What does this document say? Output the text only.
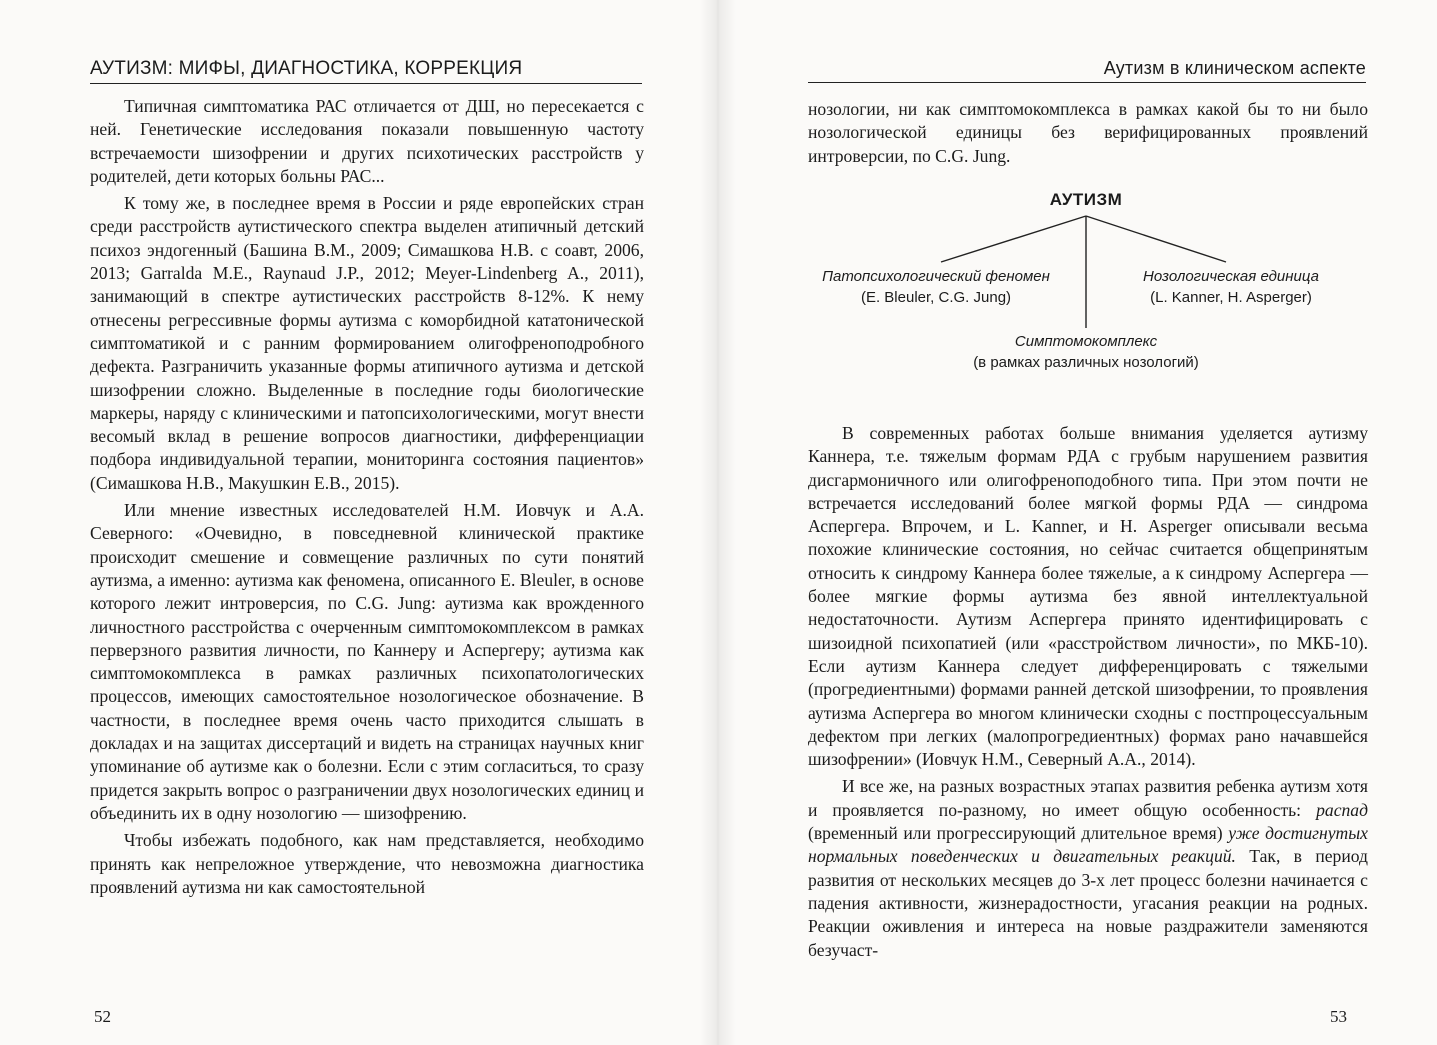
АУТИЗМ: МИФЫ, ДИАГНОСТИКА, КОРРЕКЦИЯ

Типичная симптоматика РАС отличается от ДШ, но пересекается с ней. Генетические исследования показали повышенную частоту встречаемости шизофрении и других психотических расстройств у родителей, дети которых больны РАС...

К тому же, в последнее время в России и ряде европейских стран среди расстройств аутистического спектра выделен атипичный детский психоз эндогенный (Башина В.М., 2009; Симашкова Н.В. с соавт, 2006, 2013; Garralda M.E., Raynaud J.P., 2012; Meyer-Lindenberg A., 2011), занимающий в спектре аутистических расстройств 8-12%. К нему отнесены регрессивные формы аутизма с коморбидной кататонической симптоматикой и с ранним формированием олигофреноподробного дефекта. Разграничить указанные формы атипичного аутизма и детской шизофрении сложно. Выделенные в последние годы биологические маркеры, наряду с клиническими и патопсихологическими, могут внести весомый вклад в решение вопросов диагностики, дифференциации подбора индивидуальной терапии, мониторинга состояния пациентов» (Симашкова Н.В., Макушкин Е.В., 2015).

Или мнение известных исследователей Н.М. Иовчук и А.А. Северного: «Очевидно, в повседневной клинической практике происходит смешение и совмещение различных по сути понятий аутизма, а именно: аутизма как феномена, описанного E. Bleuler, в основе которого лежит интроверсия, по C.G. Jung: аутизма как врожденного личностного расстройства с очерченным симптомокомплексом в рамках перверзного развития личности, по Каннеру и Аспергеру; аутизма как симптомокомплекса в рамках различных психопатологических процессов, имеющих самостоятельное нозологическое обозначение. В частности, в последнее время очень часто приходится слышать в докладах и на защитах диссертаций и видеть на страницах научных книг упоминание об аутизме как о болезни. Если с этим согласиться, то сразу придется закрыть вопрос о разграничении двух нозологических единиц и объединить их в одну нозологию — шизофрению.

Чтобы избежать подобного, как нам представляется, необходимо принять как непреложное утверждение, что невозможна диагностика проявлений аутизма ни как самостоятельной

52
Аутизм в клиническом аспекте

нозологии, ни как симптомокомплекса в рамках какой бы то ни было нозологической единицы без верифицированных проявлений интроверсии, по C.G. Jung.

АУТИЗМ
Патопсихологический феномен
(E. Bleuler, C.G. Jung)
Нозологическая единица
(L. Kanner, H. Asperger)
Симптомокомплекс
(в рамках различных нозологий)

В современных работах больше внимания уделяется аутизму Каннера, т.е. тяжелым формам РДА с грубым нарушением развития дисгармоничного или олигофреноподобного типа. При этом почти не встречается исследований более мягкой формы РДА — синдрома Аспергера. Впрочем, и L. Kanner, и H. Asperger описывали весьма похожие клинические состояния, но сейчас считается общепринятым относить к синдрому Каннера более тяжелые, а к синдрому Аспергера — более мягкие формы аутизма без явной интеллектуальной недостаточности. Аутизм Аспергера принято идентифицировать с шизоидной психопатией (или «расстройством личности», по МКБ-10). Если аутизм Каннера следует дифференцировать с тяжелыми (прогредиентными) формами ранней детской шизофрении, то проявления аутизма Аспергера во многом клинически сходны с постпроцессуальным дефектом при легких (малопрогредиентных) формах рано начавшейся шизофрении» (Иовчук Н.М., Северный А.А., 2014).

И все же, на разных возрастных этапах развития ребенка аутизм хотя и проявляется по-разному, но имеет общую особенность: распад (временный или прогрессирующий длительное время) уже достигнутых нормальных поведенческих и двигательных реакций. Так, в период развития от нескольких месяцев до 3-х лет процесс болезни начинается с падения активности, жизнерадостности, угасания реакции на родных. Реакции оживления и интереса на новые раздражители заменяются безучаст-

53
